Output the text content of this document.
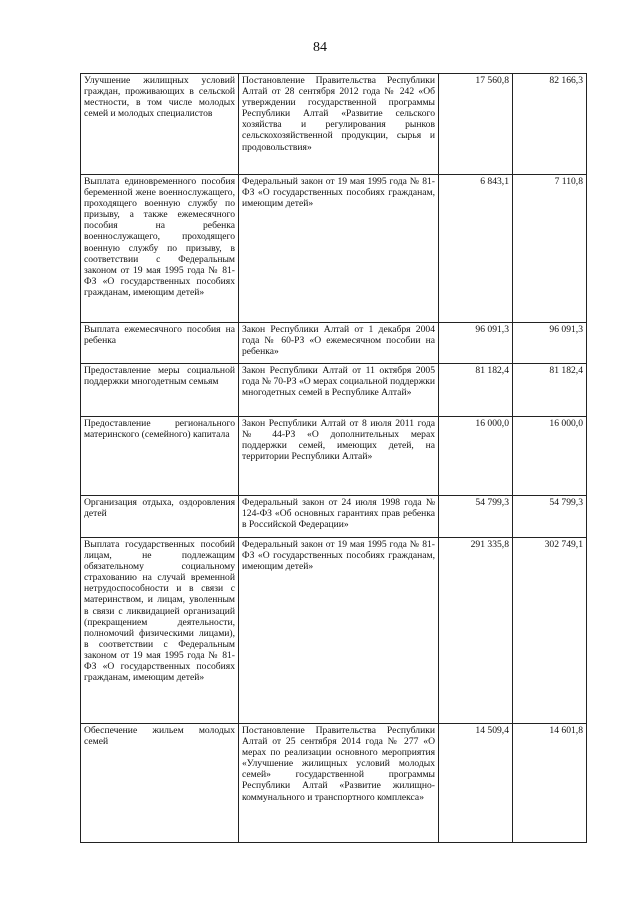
84
Улучшение жилищных условий граждан, проживающих в сельской местности, в том числе молодых семей и молодых специалистов	Постановление Правительства Республики Алтай от 28 сентября 2012 года № 242 «Об утверждении государственной программы Республики Алтай «Развитие сельского хозяйства и регулирования рынков сельскохозяйственной продукции, сырья и продовольствия»	17 560,8	82 166,3
Выплата единовременного пособия беременной жене военнослужащего, проходящего военную службу по призыву, а также ежемесячного пособия на ребенка военнослужащего, проходящего военную службу по призыву, в соответствии с Федеральным законом от 19 мая 1995 года № 81-ФЗ «О государственных пособиях гражданам, имеющим детей»	Федеральный закон от 19 мая 1995 года № 81-ФЗ «О государственных пособиях гражданам, имеющим детей»	6 843,1	7 110,8
Выплата ежемесячного пособия на ребенка	Закон Республики Алтай от 1 декабря 2004 года № 60-РЗ «О ежемесячном пособии на ребенка»	96 091,3	96 091,3
Предоставление меры социальной поддержки многодетным семьям	Закон Республики Алтай от 11 октября 2005 года № 70-РЗ «О мерах социальной поддержки многодетных семей в Республике Алтай»	81 182,4	81 182,4
Предоставление регионального материнского (семейного) капитала	Закон Республики Алтай от 8 июля 2011 года № 44-РЗ «О дополнительных мерах поддержки семей, имеющих детей, на территории Республики Алтай»	16 000,0	16 000,0
Организация отдыха, оздоровления детей	Федеральный закон от 24 июля 1998 года № 124-ФЗ «Об основных гарантиях прав ребенка в Российской Федерации»	54 799,3	54 799,3
Выплата государственных пособий лицам, не подлежащим обязательному социальному страхованию на случай временной нетрудоспособности и в связи с материнством, и лицам, уволенным в связи с ликвидацией организаций (прекращением деятельности, полномочий физическими лицами), в соответствии с Федеральным законом от 19 мая 1995 года № 81-ФЗ «О государственных пособиях гражданам, имеющим детей»	Федеральный закон от 19 мая 1995 года № 81-ФЗ «О государственных пособиях гражданам, имеющим детей»	291 335,8	302 749,1
Обеспечение жильем молодых семей	Постановление Правительства Республики Алтай от 25 сентября 2014 года № 277 «О мерах по реализации основного мероприятия «Улучшение жилищных условий молодых семей» государственной программы Республики Алтай «Развитие жилищно-коммунального и транспортного комплекса»	14 509,4	14 601,8
